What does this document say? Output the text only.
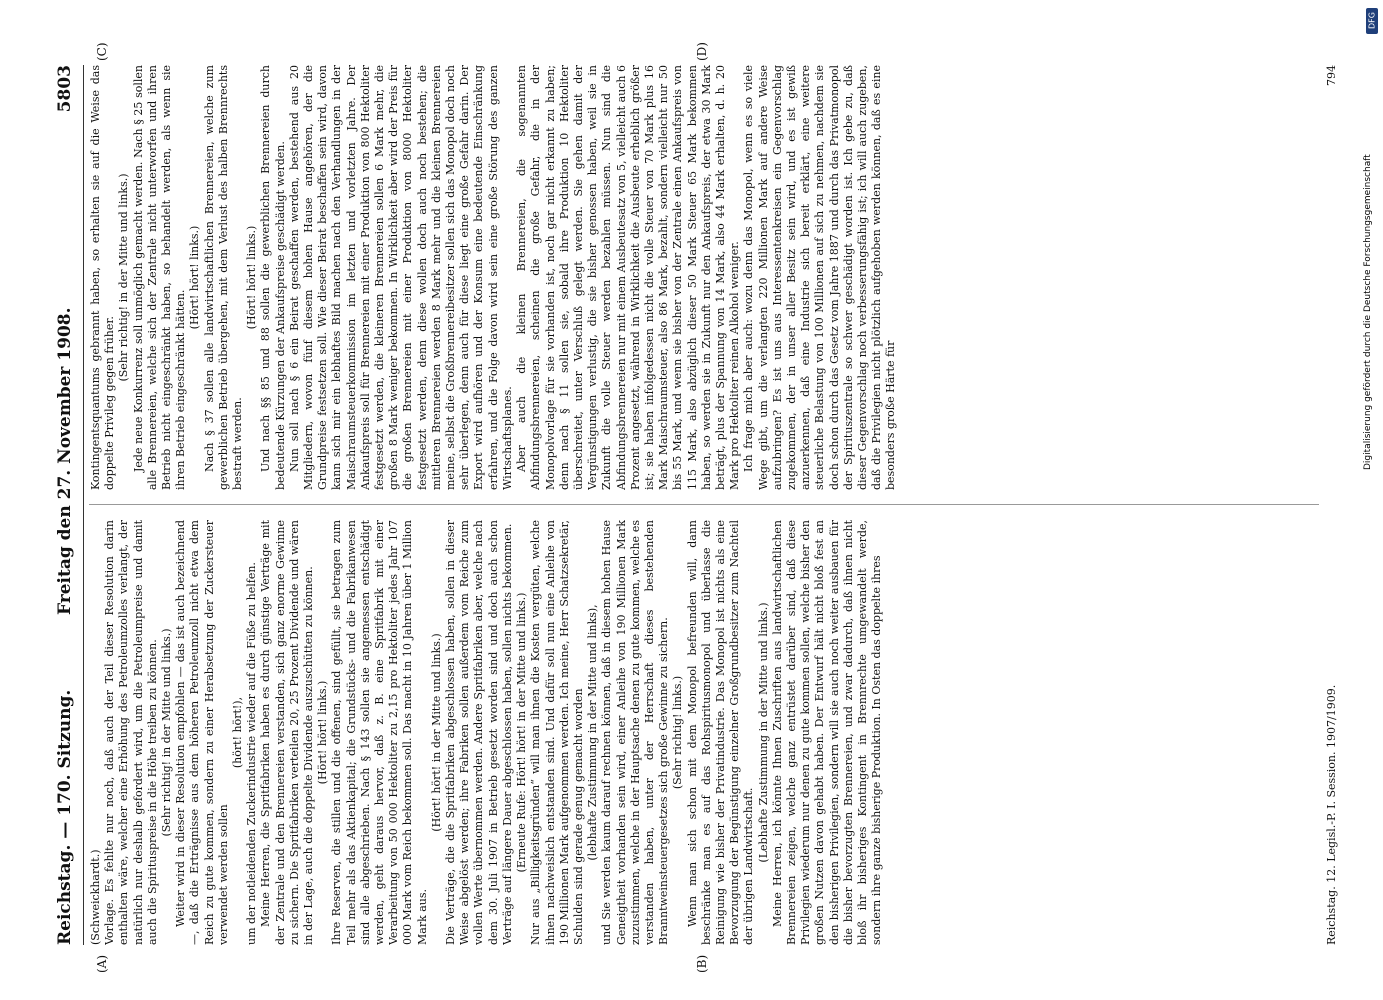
Reichstag. — 170. Sitzung.
Freitag den 27. November 1908.
5803

(Schweickhardt.) Vorlage. Es fehlte nur noch, daß auch der Teil dieser Resolution darin enthalten wäre, welcher eine Erhöhung des Petroleumzolles verlangt, der natürlich nur deshalb gefordert wird, um die Petroleumpreise und damit auch die Spirituspreise in die Höhe treiben zu können. (Sehr richtig! in der Mitte und links.) Weiter wird in dieser Resolution empfohlen — das ist auch bezeichnend —, daß die Erträgnisse aus dem höheren Petroleumzoll nicht etwa dem Reich zu gute kommen, sondern zu einer Herabsetzung der Zuckersteuer verwendet werden sollen

(hört! hört!), um der notleidenden Zuckerindustrie wieder auf die Füße zu helfen. Meine Herren, die Spritfabriken haben es durch günstige Verträge mit der Zentrale und den Brennereien verstanden, sich ganz enorme Gewinne zu sichern. Die Spritfabriken verteilen 20, 25 Prozent Dividende und wären in der Lage, auch die doppelte Dividende auszuschütten zu können. (Hört! hört! links.) Ihre Reserven, die stillen und die offenen, sind gefüllt, sie betragen zum Teil mehr als das Aktienkapital; die Grundstücks- und die Fabrikanwesen sind alle abgeschrieben. Nach § 143 sollen sie angemessen entschädigt werden, geht daraus hervor, daß z. B. eine Spritfabrik mit einer Verarbeitung von 50 000 Hektoliter zu 2,15 pro Hektoliter jedes Jahr 107 000 Mark vom Reich bekommen soll. Das macht in 10 Jahren über 1 Million Mark aus.

(Hört! hört! in der Mitte und links.) Die Verträge, die die Spritfabriken abgeschlossen haben, sollen in dieser Weise abgelöst werden; ihre Fabriken sollen außerdem vom Reiche zum vollen Werte übernommen werden. Andere Spritfabriken aber, welche nach dem 30. Juli 1907 in Betrieb gesetzt worden sind und doch auch schon Verträge auf längere Dauer abgeschlossen haben, sollen nichts bekommen. (Erneute Rufe: Hört! hört! in der Mitte und links.) Nur aus „Billigkeitsgründen“ will man ihnen die Kosten vergüten, welche ihnen nachweislich entstanden sind. Und dafür soll nun eine Anleihe von 190 Millionen Mark aufgenommen werden. Ich meine, Herr Schatzsekretär, Schulden sind gerade genug gemacht worden (lebhafte Zustimmung in der Mitte und links), und Sie werden kaum darauf rechnen können, daß in diesem hohen Hause Geneigtheit vorhanden sein wird, einer Anleihe von 190 Millionen Mark zuzustimmen, welche in der Hauptsache denen zu gute kommen, welche es verstanden haben, unter der Herrschaft dieses bestehenden Branntweinsteuergesetzes sich große Gewinne zu sichern. (Sehr richtig! links.) Wenn man sich schon mit dem Monopol befreunden will, dann beschränke man es auf das Rohspiritusmonopol und überlasse die Reinigung wie bisher der Privatindustrie. Das Monopol ist nichts als eine Bevorzugung der Begünstigung einzelner Großgrundbesitzer zum Nachteil der übrigen Landwirtschaft.

(Lebhafte Zustimmung in der Mitte und links.) Meine Herren, ich könnte Ihnen Zuschriften aus landwirtschaftlichen Brennereien zeigen, welche ganz entrüstet darüber sind, daß diese Privilegien wiederum nur denen zu gute kommen sollen, welche bisher den großen Nutzen davon gehabt haben. Der Entwurf hält nicht bloß fest an den bisherigen Privilegien, sondern will sie auch noch weiter ausbauen für die bisher bevorzugten Brennereien, und zwar dadurch, daß ihnen nicht bloß ihr bisheriges Kontingent in Brennrechte umgewandelt werde, sondern ihre ganze bisherige Produktion. In Osten das doppelte ihres

Kontingentsquantums gebrannt haben, so erhalten sie auf die Weise das doppelte Privileg gegen früher.

(Sehr richtig! in der Mitte und links.) Jede neue Konkurrenz soll unmöglich gemacht werden. Nach § 25 sollen alle Brennereien, welche sich der Zentrale nicht unterworfen und ihren Betrieb nicht eingeschränkt haben, so behandelt werden, als wenn sie ihren Betrieb eingeschränkt hätten.

(Hört! hört! links.) Nach § 37 sollen alle landwirtschaftlichen Brennereien, welche zum gewerblichen Betrieb übergehen, mit dem Verlust des halben Brennrechts bestraft werden.

(Hört! hört! links.) Und nach §§ 85 und 88 sollen die gewerblichen Brennereien durch bedeutende Kürzungen der Ankaufspreise geschädigt werden. Nun soll nach § 6 ein Beirat geschaffen werden, bestehend aus 20 Mitgliedern, wovon fünf diesem hohen Hause angehören, der die Grundpreise festsetzen soll. Wie dieser Beirat beschaffen sein wird, davon kann sich mir ein lebhaftes Bild machen nach den Verhandlungen in der Maischraumsteuerkommission im letzten und vorletzten Jahre. Der Ankaufspreis soll für Brennereien mit einer Produktion von 800 Hektoliter festgesetzt werden, die kleineren Brennereien sollen 6 Mark mehr, die großen 8 Mark weniger bekommen. In Wirklichkeit aber wird der Preis für die großen Brennereien mit einer Produktion von 8000 Hektoliter festgesetzt werden, denn diese wollen doch auch noch bestehen; die mittleren Brennereien werden 8 Mark mehr und die kleinen Brennereien meine, selbst die Großbrennereibesitzer sollen sich das Monopol doch noch sehr überlegen, denn auch für diese liegt eine große Gefahr darin. Der Export wird aufhören und der Konsum eine bedeutende Einschränkung erfahren, und die Folge davon wird sein eine große Störung des ganzen Wirtschaftsplanes. Aber auch die kleinen Brennereien, die sogenannten Abfindungsbrennereien, scheinen die große Gefahr, die in der Monopolvorlage für sie vorhanden ist, noch gar nicht erkannt zu haben; denn nach § 11 sollen sie, sobald ihre Produktion 10 Hektoliter überschreitet, unter Verschluß gelegt werden. Sie gehen damit der Vergünstigungen verlustig, die sie bisher genossen haben, weil sie in Zukunft die volle Steuer werden bezahlen müssen. Nun sind die Abfindungsbrennereien nur mit einem Ausbeutesatz von 5, vielleicht auch 6 Prozent angesetzt, während in Wirklichkeit die Ausbeute erheblich größer ist; sie haben infolgedessen nicht die volle Steuer von 70 Mark plus 16 Mark Maischraumsteuer, also 86 Mark, bezahlt, sondern vielleicht nur 50 bis 55 Mark, und wenn sie bisher von der Zentrale einen Ankaufspreis von 115 Mark, also abzüglich dieser 50 Mark Steuer 65 Mark bekommen haben, so werden sie in Zukunft nur den Ankaufspreis, der etwa 30 Mark beträgt, plus der Spannung von 14 Mark, also 44 Mark erhalten, d. h. 20 Mark pro Hektoliter reinen Alkohol weniger. Ich frage mich aber auch: wozu denn das Monopol, wenn es so viele Wege gibt, um die verlangten 220 Millionen Mark auf andere Weise aufzubringen? Es ist uns aus Interessentenkreisen ein Gegenvorschlag zugekommen, der in unser aller Besitz sein wird, und es ist gewiß anzuerkennen, daß eine Industrie sich bereit erklärt, eine weitere steuerliche Belastung von 100 Millionen auf sich zu nehmen, nachdem sie doch schon durch das Gesetz vom Jahre 1887 und durch das Privatmonopol der Spirituszentrale so schwer geschädigt worden ist. Ich gebe zu, daß dieser Gegenvorschlag noch verbesserungsfähig ist; ich will auch zugeben, daß die Privilegien nicht plötzlich aufgehoben werden können, daß es eine besonders große Härte für

(A)	(B)
(C)	(D)
Reichstag. 12. Legisl.-P. I. Session. 1907/1909.
794
DFG
Digitalisierung gefördert durch die Deutsche Forschungsgemeinschaft
